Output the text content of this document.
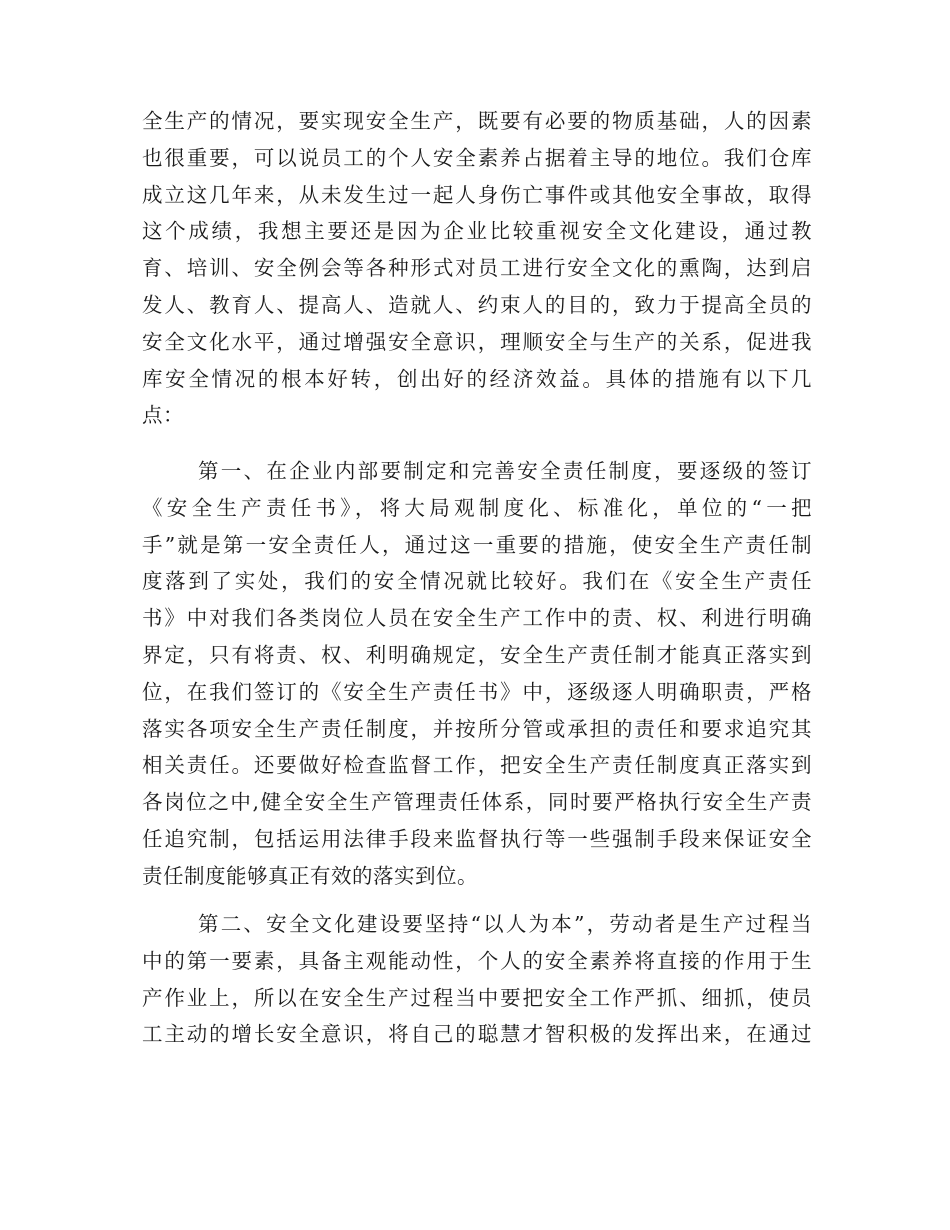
全生产的情况，要实现安全生产，既要有必要的物质基础，人的因素
也很重要，可以说员工的个人安全素养占据着主导的地位。我们仓库
成立这几年来，从未发生过一起人身伤亡事件或其他安全事故，取得
这个成绩，我想主要还是因为企业比较重视安全文化建设，通过教
育、培训、安全例会等各种形式对员工进行安全文化的熏陶，达到启
发人、教育人、提高人、造就人、约束人的目的，致力于提高全员的
安全文化水平，通过增强安全意识，理顺安全与生产的关系，促进我
库安全情况的根本好转，创出好的经济效益。具体的措施有以下几
点：
第一、在企业内部要制定和完善安全责任制度，要逐级的签订
《安全生产责任书》，将大局观制度化、标准化，单位的“一把
手”就是第一安全责任人，通过这一重要的措施，使安全生产责任制
度落到了实处，我们的安全情况就比较好。我们在《安全生产责任
书》中对我们各类岗位人员在安全生产工作中的责、权、利进行明确
界定，只有将责、权、利明确规定，安全生产责任制才能真正落实到
位，在我们签订的《安全生产责任书》中，逐级逐人明确职责，严格
落实各项安全生产责任制度，并按所分管或承担的责任和要求追究其
相关责任。还要做好检查监督工作，把安全生产责任制度真正落实到
各岗位之中,健全安全生产管理责任体系，同时要严格执行安全生产责
任追究制，包括运用法律手段来监督执行等一些强制手段来保证安全
责任制度能够真正有效的落实到位。
第二、安全文化建设要坚持“以人为本”，劳动者是生产过程当
中的第一要素，具备主观能动性，个人的安全素养将直接的作用于生
产作业上，所以在安全生产过程当中要把安全工作严抓、细抓，使员
工主动的增长安全意识，将自己的聪慧才智积极的发挥出来，在通过
